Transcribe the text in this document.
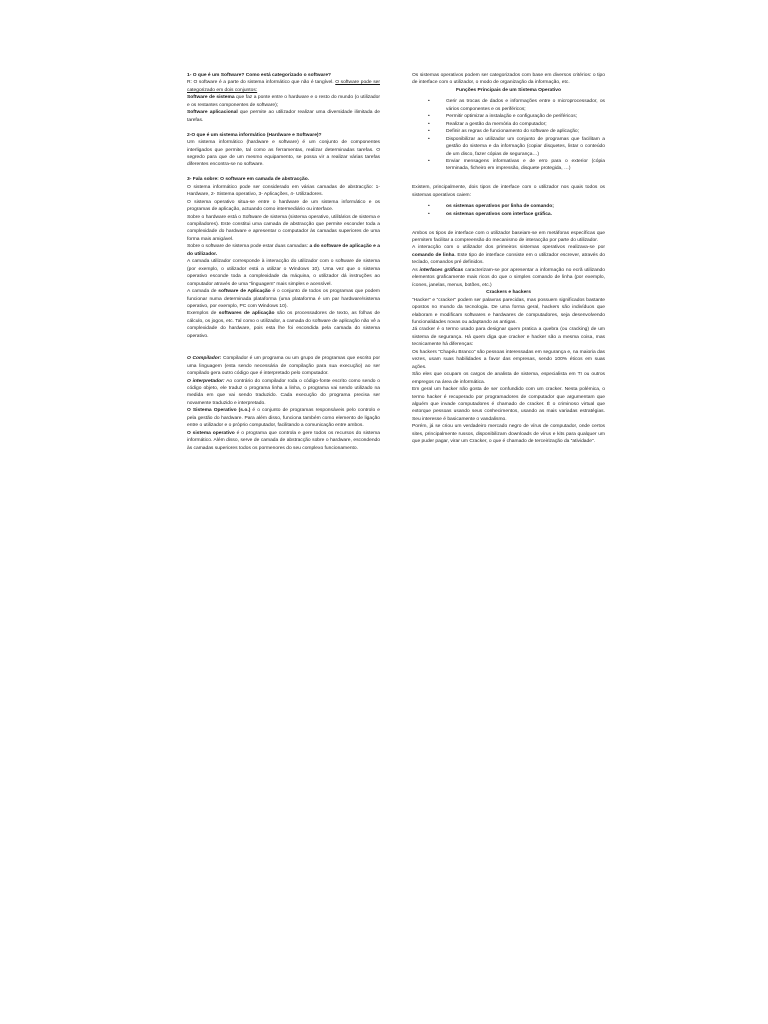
1- O que é um Software? Como está categorizado o software?

R: O software é a parte do sistema informático que não é tangível. O software pode ser categorizado em dois conjuntos:

Software de sistema que faz a ponte entre o hardware e o resto do mundo (o utilizador e os restantes componentes de software);

Software aplicacional que permite ao utilizador realizar uma diversidade ilimitada de tarefas.

2-O que é um sistema informático (Hardware e Software)?

Um sistema informático (hardware e software) é um conjunto de componentes interligados que permite, tal como as ferramentas, realizar determinadas tarefas. O segredo para que de um mesmo equipamento, se possa vir a realizar várias tarefas diferentes encontra-se no software.

3- Fala sobre: O software em camada de abstracção.

O sistema informático pode ser considerado em várias camadas de abstracção: 1- Hardware, 2- Sistema operativo, 3- Aplicações, 4- Utilizadores.

O sistema operativo situa-se entre o hardware de um sistema informático e os programas de aplicação, actuando como intermediário ou interface.

Sobre o hardware está o Software de sistema (sistema operativo, utilitários de sistema e compiladores). Este constitui uma camada de abstracção que permite esconder toda a complexidade do hardware e apresentar o computador às camadas superiores de uma forma mais amigável.

Sobre o software de sistema pode estar duas camadas: a do software de aplicação e a do utilizador.

A camada utilizador corresponde à interacção do utilizador com o software de sistema (por exemplo, o utilizador está a utilizar o Windows 10). Uma vez que o sistema operativo esconde toda a complexidade da máquina, o utilizador dá instruções ao computador através de uma “linguagem” mais simples e acessível.

A camada de software de Aplicação é o conjunto de todos os programas que podem funcionar numa determinada plataforma (uma plataforma é um par hardware/sistema operativo, por exemplo, PC com Windows 10).

Exemplos de softwares de aplicação são os processadores de texto, as folhas de cálculo, os jogos, etc. Tal como o utilizador, a camada do software de aplicação não vê a complexidade do hardware, pois esta lhe foi escondida pela camada do sistema operativo.

O Compilador: Compilador é um programa ou um grupo de programas que escrito por uma linguagem (esta sendo necessária de compilação para sua execução) ao ser compilado gera outro código que é interpretado pelo computador.

O interpretador: Ao contrário do compilador roda o código-fonte escrito como sendo o código objeto, ele traduz o programa linha a linha, o programa vai sendo utilizado na medida em que vai sendo traduzido. Cada execução do programa precisa ser novamente traduzido e interpretado.

O Sistema Operativo (s.o.) é o conjunto de programas responsáveis pelo controlo e pela gestão do hardware. Para além disso, funciona também como elemento de ligação entre o utilizador e o próprio computador, facilitando a comunicação entre ambos.

O sistema operativo é o programa que controla e gere todos os recursos do sistema informático. Além disso, serve de camada de abstracção sobre o hardware, escondendo às camadas superiores todos os pormenores do seu complexo funcionamento.

Os sistemas operativos podem ser categorizados com base em diversos critérios: o tipo de interface com o utilizador, o modo de organização da informação, etc.

Funções Principais de um Sistema Operativo

• Gerir as trocas de dados e informações entre o microprocessador, os vários componentes e os periféricos;
• Permitir optimizar a instalação e configuração de periféricos;
• Realizar a gestão da memória do computador;
• Definir as regras de funcionamento do software de aplicação;
• Disponibilizar ao utilizador um conjunto de programas que facilitam a gestão do sistema e da informação (copiar disquetes, listar o conteúdo de um disco, fazer cópias de segurança…)
• Enviar mensagens informativas e de erro para o exterior (cópia terminada, ficheiro em impressão, disquete protegida, …)

Existem, principalmente, dois tipos de interface com o utilizador nos quais todos os sistemas operativos caiem:

• os sistemas operativos por linha de comando;
• os sistemas operativos com interface gráfica.

Ambos os tipos de interface com o utilizador baseiam-se em metáforas específicas que permitem facilitar a compreensão do mecanismo de interacção por parte do utilizador.

A interacção com o utilizador dos primeiros sistemas operativos realizava-se por comando de linha. Este tipo de interface consiste em o utilizador escrever, através do teclado, comandos pré definidos.

As interfaces gráficas caracterizam-se por apresentar a informação no ecrã utilizando elementos graficamente mais ricos do que o simples comando de linha (por exemplo, ícones, janelas, menus, botões, etc.)

Crackers e hackers

“Hacker” e “cracker” podem ser palavras parecidas, mas possuem significados bastante opostos no mundo da tecnologia. De uma forma geral, hackers são indivíduos que elaboram e modificam softwares e hardwares de computadores, seja desenvolvendo funcionalidades novas ou adaptando as antigas.

Já cracker é o termo usado para designar quem pratica a quebra (ou cracking) de um sistema de segurança. Há quem diga que cracker e hacker são a mesma coisa, mas tecnicamente há diferenças:

Os hackers “Chapéu Branco” são pessoas interessadas em segurança e, na maioria das vezes, usam suas habilidades a favor das empresas, sendo 100% éticos em suas ações.

São eles que ocupam os cargos de analista de sistema, especialista em TI ou outros empregos na área de informática.

Em geral um hacker não gosta de ser confundido com um cracker. Nesta polémica, o termo hacker é recuperado por programadores de computador que argumentam que alguém que invade computadores é chamado de cracker. É o criminoso virtual que extorque pessoas usando seus conhecimentos, usando as mais variadas estratégias. Seu interesse é basicamente o vandalismo.

Porém, já se criou um verdadeiro mercado negro de vírus de computador, onde certos sites, principalmente russos, disponibilizam downloads de vírus e kits para qualquer um que puder pagar, virar um Cracker, o que é chamado de terceirização da “atividade”.
